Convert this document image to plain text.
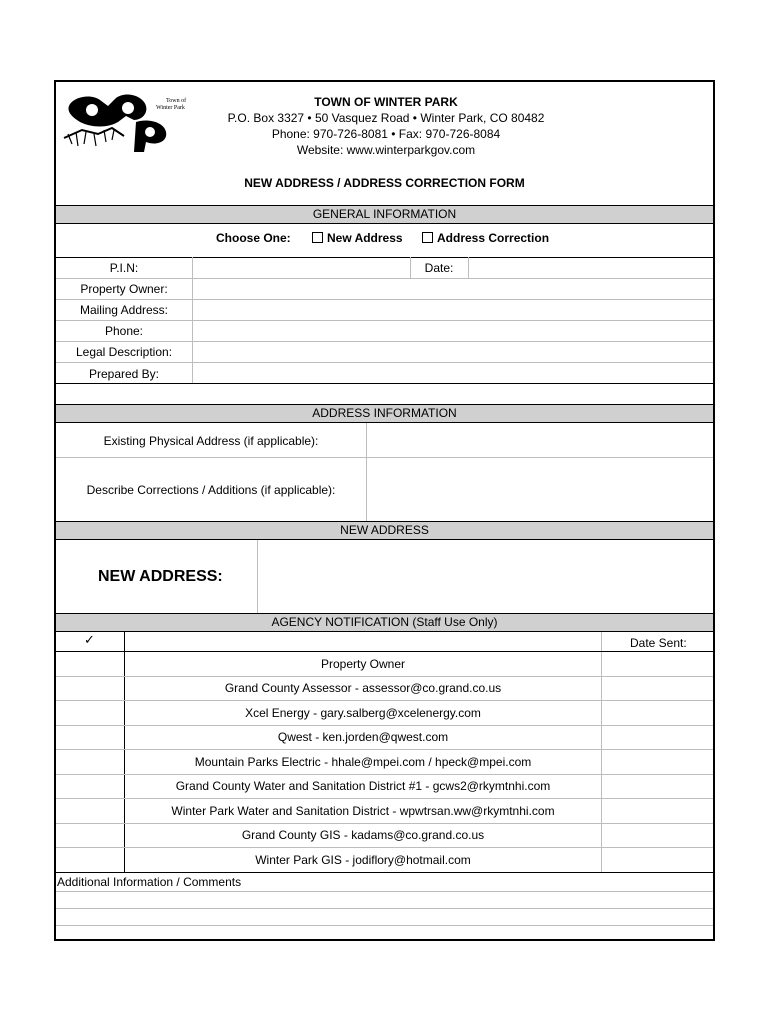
Town of
Winter Park	TOWN OF WINTER PARK
P.O. Box 3327 • 50 Vasquez Road • Winter Park, CO 80482
Phone: 970-726-8081 • Fax: 970-726-8084
Website: www.winterparkgov.com
NEW ADDRESS / ADDRESS CORRECTION FORM
GENERAL INFORMATION
Choose One:	New Address	Address Correction
P.I.N:	Date:
Property Owner:
Mailing Address:
Phone:
Legal Description:
Prepared By:
ADDRESS INFORMATION
Existing Physical Address (if applicable):
Describe Corrections / Additions (if applicable):
NEW ADDRESS
NEW ADDRESS:
AGENCY NOTIFICATION (Staff Use Only)
✓	Date Sent:
Property Owner
Grand County Assessor - assessor@co.grand.co.us
Xcel Energy - gary.salberg@xcelenergy.com
Qwest - ken.jorden@qwest.com
Mountain Parks Electric - hhale@mpei.com / hpeck@mpei.com
Grand County Water and Sanitation District #1 - gcws2@rkymtnhi.com
Winter Park Water and Sanitation District - wpwtrsan.ww@rkymtnhi.com
Grand County GIS - kadams@co.grand.co.us
Winter Park GIS - jodiflory@hotmail.com
Additional Information / Comments
